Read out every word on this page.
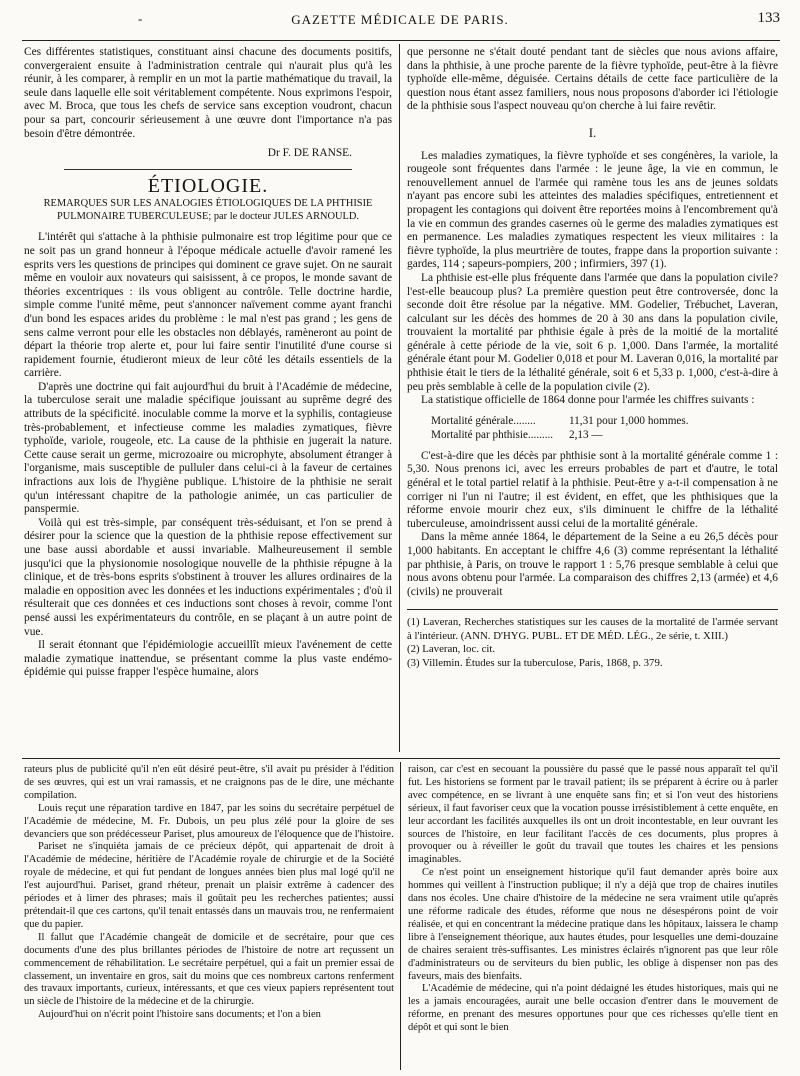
-	GAZETTE MÉDICALE DE PARIS.	133

Ces différentes statistiques, constituant ainsi chacune des documents positifs, convergeraient ensuite à l'administration centrale qui n'aurait plus qu'à les réunir, à les comparer, à remplir en un mot la partie mathématique du travail, la seule dans laquelle elle soit véritablement compétente. Nous exprimons l'espoir, avec M. Broca, que tous les chefs de service sans exception voudront, chacun pour sa part, concourir sérieusement à une œuvre dont l'importance n'a pas besoin d'être démontrée.

Dr F. DE RANSE.

ÉTIOLOGIE.
REMARQUES SUR LES ANALOGIES ÉTIOLOGIQUES DE LA PHTHISIE PULMONAIRE TUBERCULEUSE; par le docteur JULES ARNOULD.

L'intérêt qui s'attache à la phthisie pulmonaire est trop légitime pour que ce ne soit pas un grand honneur à l'époque médicale actuelle d'avoir ramené les esprits vers les questions de principes qui dominent ce grave sujet. On ne saurait même en vouloir aux novateurs qui saisissent, à ce propos, le monde savant de théories excentriques : ils vous obligent au contrôle. Telle doctrine hardie, simple comme l'unité même, peut s'annoncer naïvement comme ayant franchi d'un bond les espaces arides du problème : le mal n'est pas grand ; les gens de sens calme verront pour elle les obstacles non déblayés, ramèneront au point de départ la théorie trop alerte et, pour lui faire sentir l'inutilité d'une course si rapidement fournie, étudieront mieux de leur côté les détails essentiels de la carrière.

D'après une doctrine qui fait aujourd'hui du bruit à l'Académie de médecine, la tuberculose serait une maladie spécifique jouissant au suprême degré des attributs de la spécificité. inoculable comme la morve et la syphilis, contagieuse très-probablement, et infectieuse comme les maladies zymatiques, fièvre typhoïde, variole, rougeole, etc. La cause de la phthisie en jugerait la nature. Cette cause serait un germe, microzoaire ou microphyte, absolument étranger à l'organisme, mais susceptible de pulluler dans celui-ci à la faveur de certaines infractions aux lois de l'hygiène publique. L'histoire de la phthisie ne serait qu'un intéressant chapitre de la pathologie animée, un cas particulier de panspermie.

Voilà qui est très-simple, par conséquent très-séduisant, et l'on se prend à désirer pour la science que la question de la phthisie repose effectivement sur une base aussi abordable et aussi invariable. Malheureusement il semble jusqu'ici que la physionomie nosologique nouvelle de la phthisie répugne à la clinique, et de très-bons esprits s'obstinent à trouver les allures ordinaires de la maladie en opposition avec les données et les inductions expérimentales ; d'où il résulterait que ces données et ces inductions sont choses à revoir, comme l'ont pensé aussi les expérimentateurs du contrôle, en se plaçant à un autre point de vue.

Il serait étonnant que l'épidémiologie accueillît mieux l'avénement de cette maladie zymatique inattendue, se présentant comme la plus vaste endémo-épidémie qui puisse frapper l'espèce humaine, alors

que personne ne s'était douté pendant tant de siècles que nous avions affaire, dans la phthisie, à une proche parente de la fièvre typhoïde, peut-être à la fièvre typhoïde elle-même, déguisée. Certains détails de cette face particulière de la question nous étant assez familiers, nous nous proposons d'aborder ici l'étiologie de la phthisie sous l'aspect nouveau qu'on cherche à lui faire revêtir.

I.

Les maladies zymatiques, la fièvre typhoïde et ses congénères, la variole, la rougeole sont fréquentes dans l'armée : le jeune âge, la vie en commun, le renouvellement annuel de l'armée qui ramène tous les ans de jeunes soldats n'ayant pas encore subi les atteintes des maladies spécifiques, entretiennent et propagent les contagions qui doivent être reportées moins à l'encombrement qu'à la vie en commun des grandes casernes où le germe des maladies zymatiques est en permanence. Les maladies zymatiques respectent les vieux militaires : la fièvre typhoïde, la plus meurtrière de toutes, frappe dans la proportion suivante : gardes, 114 ; sapeurs-pompiers, 200 ; infirmiers, 397 (1).

La phthisie est-elle plus fréquente dans l'armée que dans la population civile? l'est-elle beaucoup plus? La première question peut être controversée, donc la seconde doit être résolue par la négative. MM. Godelier, Trébuchet, Laveran, calculant sur les décès des hommes de 20 à 30 ans dans la population civile, trouvaient la mortalité par phthisie égale à près de la moitié de la mortalité générale à cette période de la vie, soit 6 p. 1,000. Dans l'armée, la mortalité générale étant pour M. Godelier 0,018 et pour M. Laveran 0,016, la mortalité par phthisie était le tiers de la léthalité générale, soit 6 et 5,33 p. 1,000, c'est-à-dire à peu près semblable à celle de la population civile (2).

La statistique officielle de 1864 donne pour l'armée les chiffres suivants :

Mortalité générale........	11,31 pour 1,000 hommes.
Mortalité par phthisie.........	2,13 —

C'est-à-dire que les décès par phthisie sont à la mortalité générale comme 1 : 5,30. Nous prenons ici, avec les erreurs probables de part et d'autre, le total général et le total partiel relatif à la phthisie. Peut-être y a-t-il compensation à ne corriger ni l'un ni l'autre; il est évident, en effet, que les phthisiques que la réforme envoie mourir chez eux, s'ils diminuent le chiffre de la léthalité tuberculeuse, amoindrissent aussi celui de la mortalité générale.

Dans la même année 1864, le département de la Seine a eu 26,5 décès pour 1,000 habitants. En acceptant le chiffre 4,6 (3) comme représentant la léthalité par phthisie, à Paris, on trouve le rapport 1 : 5,76 presque semblable à celui que nous avons obtenu pour l'armée. La comparaison des chiffres 2,13 (armée) et 4,6 (civils) ne prouverait

(1) Laveran, Recherches statistiques sur les causes de la mortalité de l'armée servant à l'intérieur. (ANN. D'HYG. PUBL. ET DE MÉD. LÉG., 2e série, t. XIII.)

(2) Laveran, loc. cit.

(3) Villemin. Études sur la tuberculose, Paris, 1868, p. 379.

rateurs plus de publicité qu'il n'en eût désiré peut-être, s'il avait pu présider à l'édition de ses œuvres, qui est un vrai ramassis, et ne craignons pas de le dire, une méchante compilation.

Louis reçut une réparation tardive en 1847, par les soins du secrétaire perpétuel de l'Académie de médecine, M. Fr. Dubois, un peu plus zélé pour la gloire de ses devanciers que son prédécesseur Pariset, plus amoureux de l'éloquence que de l'histoire.

Pariset ne s'inquiéta jamais de ce précieux dépôt, qui appartenait de droit à l'Académie de médecine, héritière de l'Académie royale de chirurgie et de la Société royale de médecine, et qui fut pendant de longues années bien plus mal logé qu'il ne l'est aujourd'hui. Pariset, grand rhéteur, prenait un plaisir extrême à cadencer des périodes et à limer des phrases; mais il goûtait peu les recherches patientes; aussi prétendait-il que ces cartons, qu'il tenait entassés dans un mauvais trou, ne renfermaient que du papier.

Il fallut que l'Académie changeât de domicile et de secrétaire, pour que ces documents d'une des plus brillantes périodes de l'histoire de notre art reçussent un commencement de réhabilitation. Le secrétaire perpétuel, qui a fait un premier essai de classement, un inventaire en gros, sait du moins que ces nombreux cartons renferment des travaux importants, curieux, intéressants, et que ces vieux papiers représentent tout un siècle de l'histoire de la médecine et de la chirurgie.

Aujourd'hui on n'écrit point l'histoire sans documents; et l'on a bien

raison, car c'est en secouant la poussière du passé que le passé nous apparaît tel qu'il fut. Les historiens se forment par le travail patient; ils se préparent à écrire ou à parler avec compétence, en se livrant à une enquête sans fin; et si l'on veut des historiens sérieux, il faut favoriser ceux que la vocation pousse irrésistiblement à cette enquête, en leur accordant les facilités auxquelles ils ont un droit incontestable, en leur ouvrant les sources de l'histoire, en leur facilitant l'accès de ces documents, plus propres à provoquer ou à réveiller le goût du travail que toutes les chaires et les pensions imaginables.

Ce n'est point un enseignement historique qu'il faut demander après boire aux hommes qui veillent à l'instruction publique; il n'y a déjà que trop de chaires inutiles dans nos écoles. Une chaire d'histoire de la médecine ne sera vraiment utile qu'après une réforme radicale des études, réforme que nous ne désespérons point de voir réalisée, et qui en concentrant la médecine pratique dans les hôpitaux, laissera le champ libre à l'enseignement théorique, aux hautes études, pour lesquelles une demi-douzaine de chaires seraient très-suffisantes. Les ministres éclairés n'ignorent pas que leur rôle d'administrateurs ou de serviteurs du bien public, les oblige à dispenser non pas des faveurs, mais des bienfaits.

L'Académie de médecine, qui n'a point dédaigné les études historiques, mais qui ne les a jamais encouragées, aurait une belle occasion d'entrer dans le mouvement de réforme, en prenant des mesures opportunes pour que ces richesses qu'elle tient en dépôt et qui sont le bien
